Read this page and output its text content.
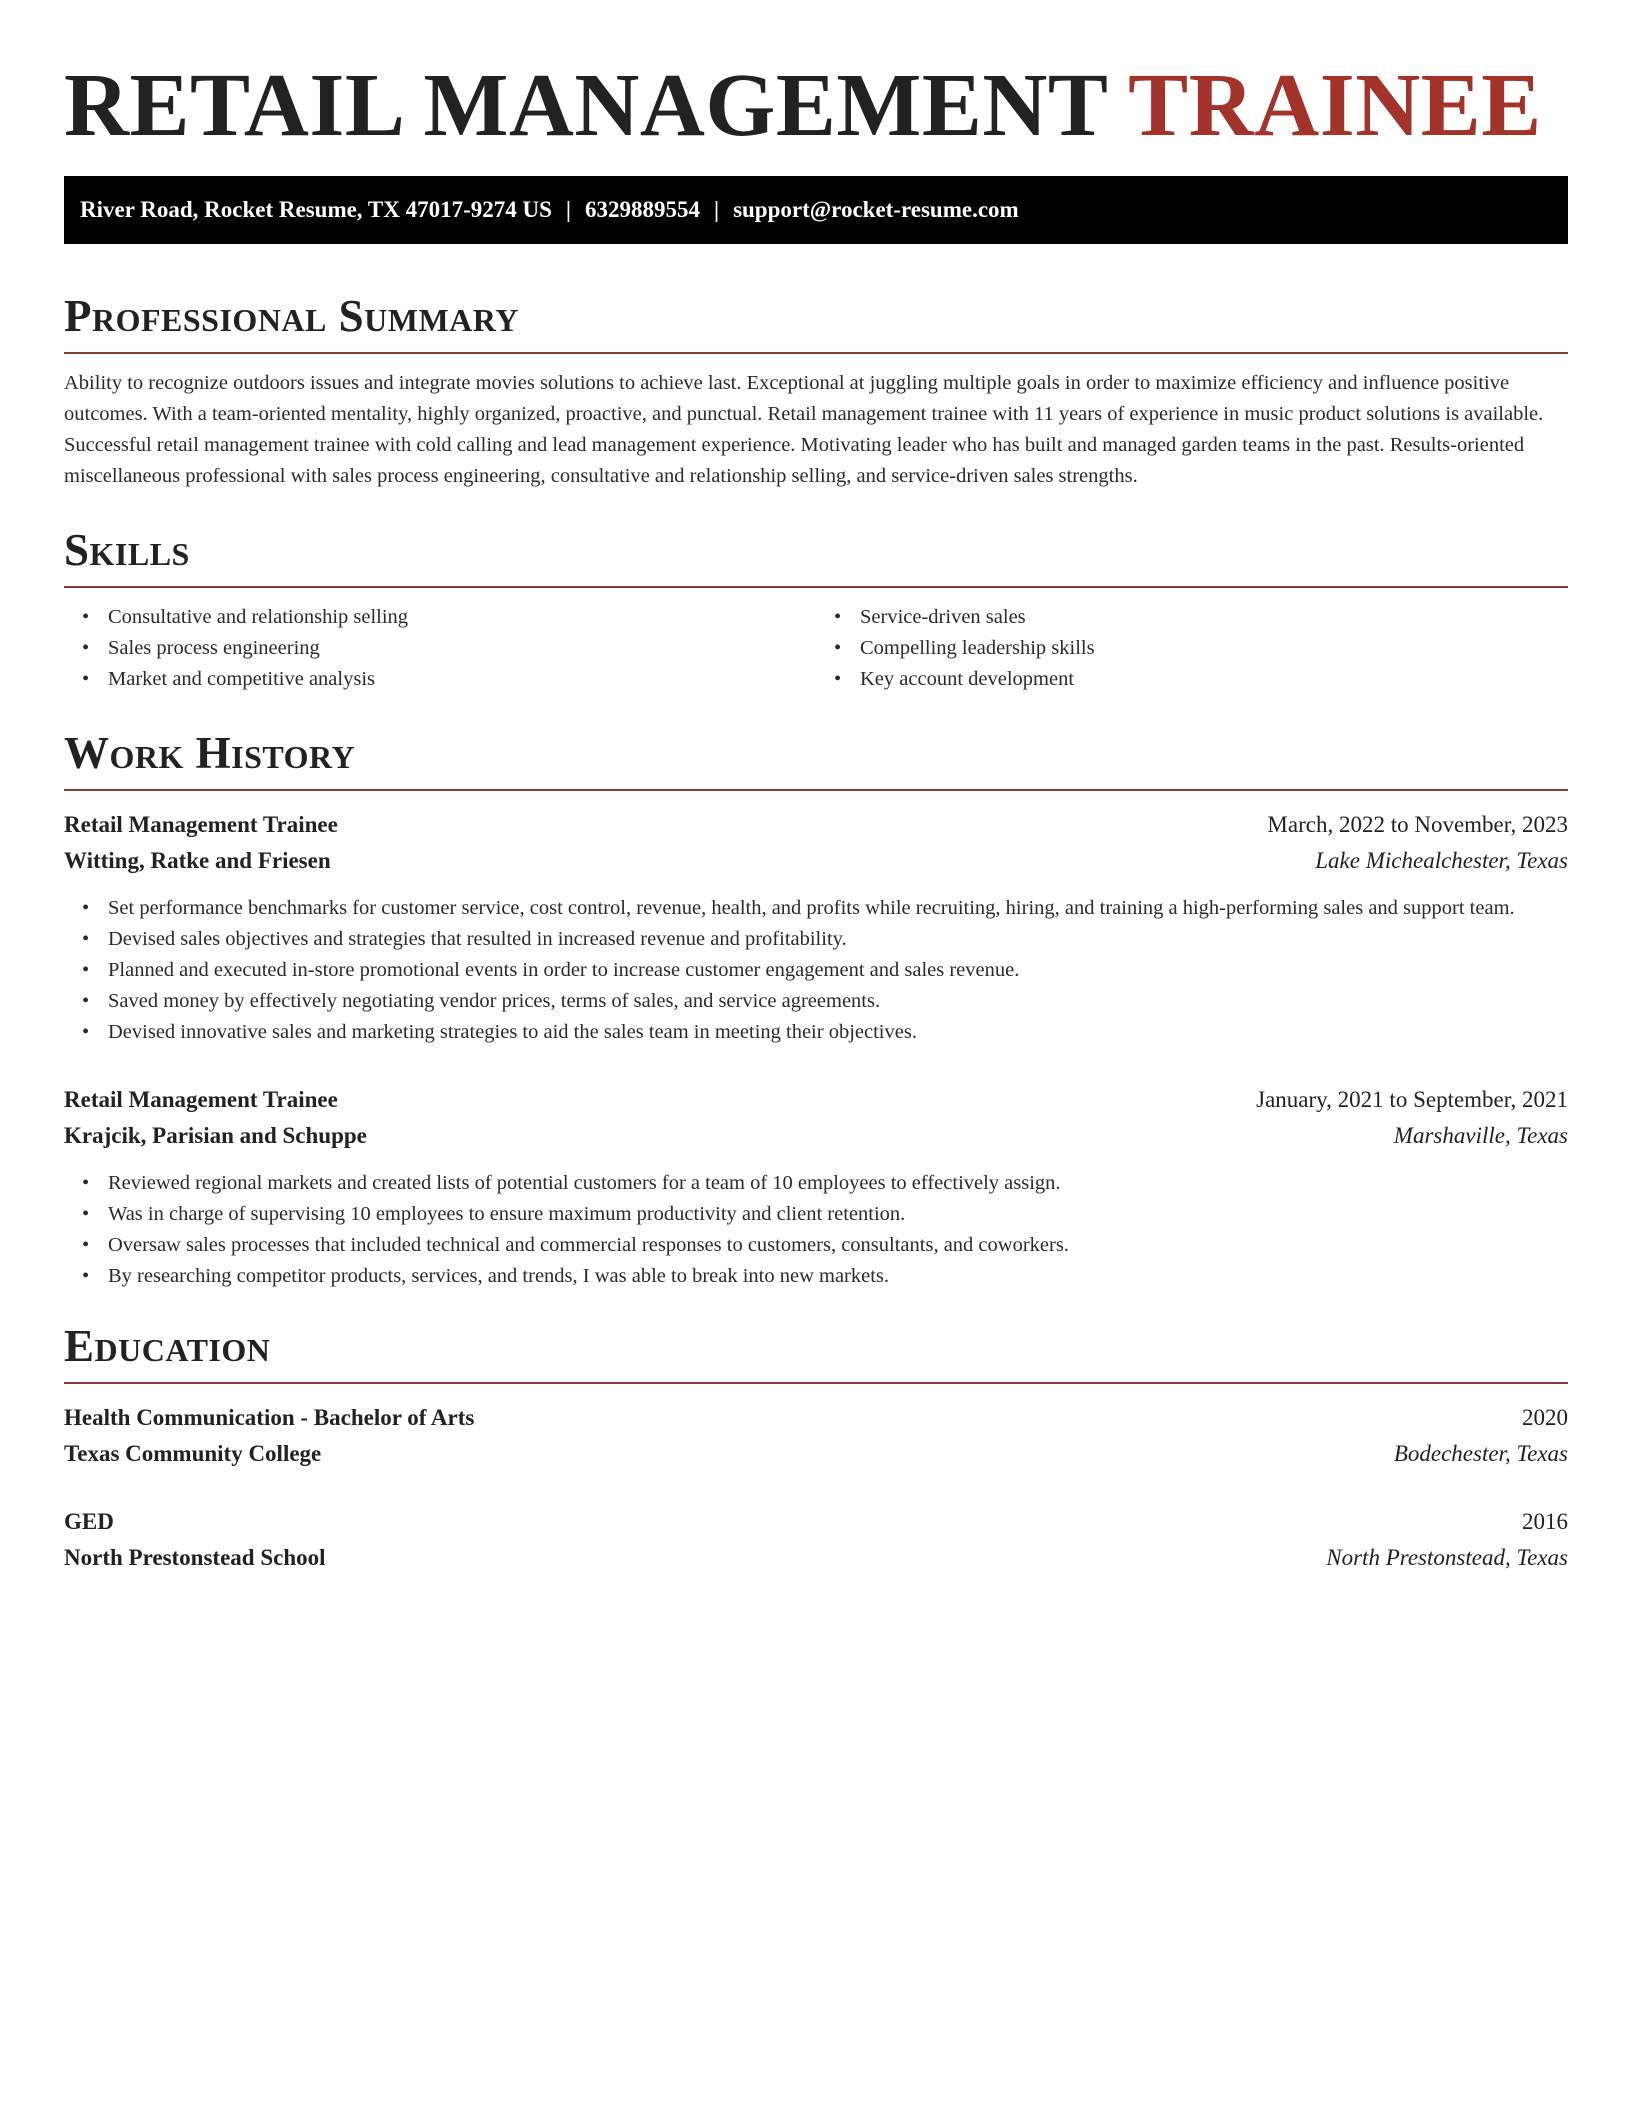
RETAIL MANAGEMENT TRAINEE
River Road, Rocket Resume, TX 47017-9274 US | 6329889554 | support@rocket-resume.com
Professional Summary

Ability to recognize outdoors issues and integrate movies solutions to achieve last. Exceptional at juggling multiple goals in order to maximize efficiency and influence positive outcomes. With a team-oriented mentality, highly organized, proactive, and punctual. Retail management trainee with 11 years of experience in music product solutions is available. Successful retail management trainee with cold calling and lead management experience. Motivating leader who has built and managed garden teams in the past. Results-oriented miscellaneous professional with sales process engineering, consultative and relationship selling, and service-driven sales strengths.

Skills
• Consultative and relationship selling
• Sales process engineering
• Market and competitive analysis
• Service-driven sales
• Compelling leadership skills
• Key account development
Work History
Retail Management Trainee	March, 2022 to November, 2023
Witting, Ratke and Friesen	Lake Michealchester, Texas
• Set performance benchmarks for customer service, cost control, revenue, health, and profits while recruiting, hiring, and training a high-performing sales and support team.
• Devised sales objectives and strategies that resulted in increased revenue and profitability.
• Planned and executed in-store promotional events in order to increase customer engagement and sales revenue.
• Saved money by effectively negotiating vendor prices, terms of sales, and service agreements.
• Devised innovative sales and marketing strategies to aid the sales team in meeting their objectives.
Retail Management Trainee	January, 2021 to September, 2021
Krajcik, Parisian and Schuppe	Marshaville, Texas
• Reviewed regional markets and created lists of potential customers for a team of 10 employees to effectively assign.
• Was in charge of supervising 10 employees to ensure maximum productivity and client retention.
• Oversaw sales processes that included technical and commercial responses to customers, consultants, and coworkers.
• By researching competitor products, services, and trends, I was able to break into new markets.
Education
Health Communication - Bachelor of Arts	2020
Texas Community College	Bodechester, Texas
GED	2016
North Prestonstead School	North Prestonstead, Texas
